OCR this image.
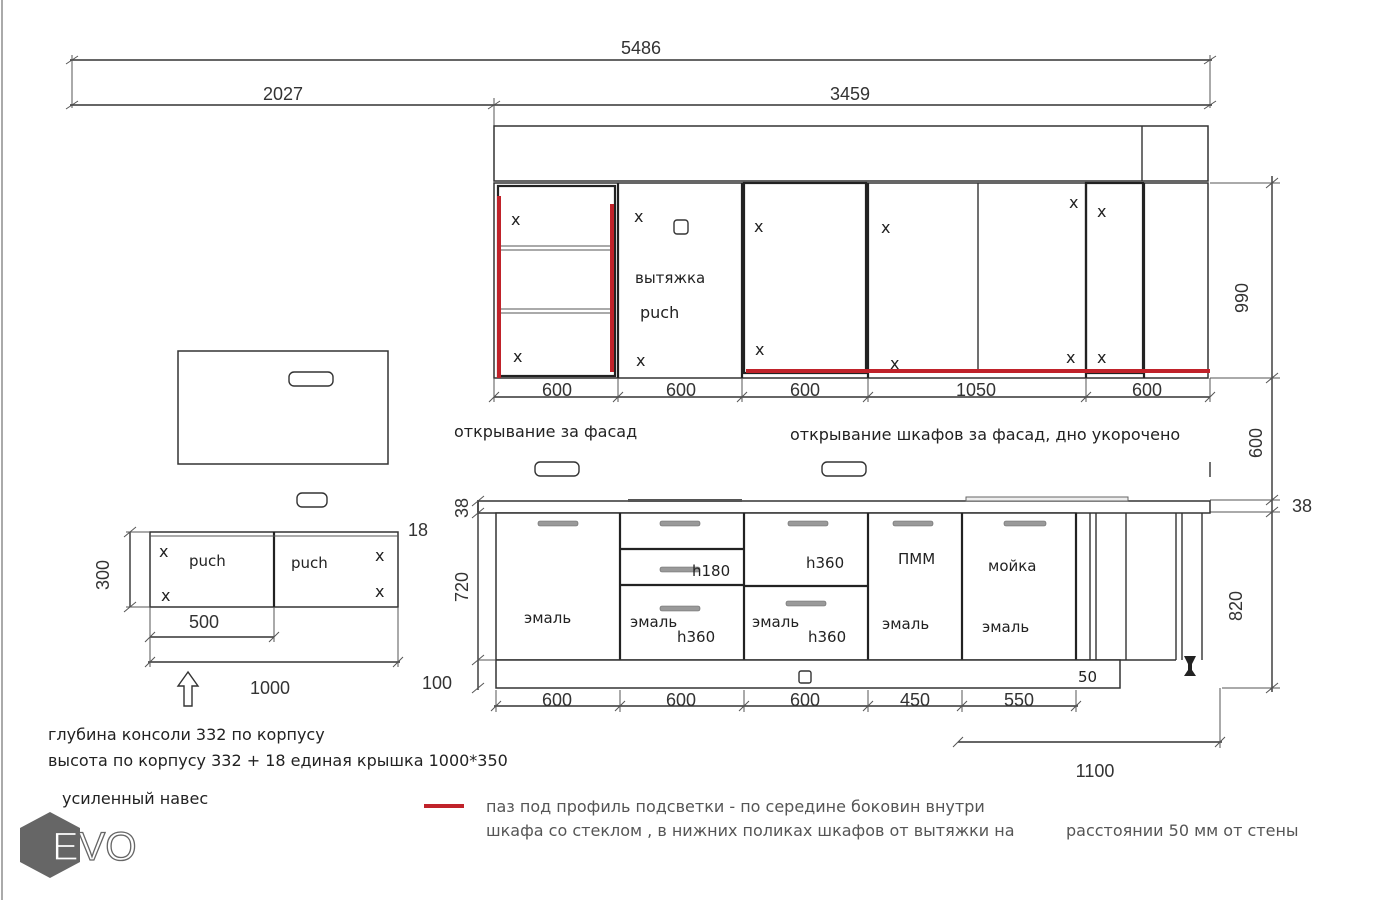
5486
2027	3459
вытяжка
puch
x
x
x
x
x
x
x
x
x
x
x
x
600	600	600	1050	600
990
600
38
820
открывание за фасад	открывание шкафов за фасад, дно укорочено
50
h180	h360
h360	h360
ПММ	мойка
эмаль	эмаль	эмаль	эмаль	эмаль
38
720
100
600	600	600	450	550
1100
puch	puch
x
x
x
x
18
300
500
1000
глубина консоли 332 по корпусу
высота по корпусу 332 + 18 единая крышка 1000*350
усиленный навес	паз под профиль подсветки - по середине боковин внутри
шкафа со стеклом , в нижних поликах шкафов от вытяжки на	расстоянии 50 мм от стены
EVO
